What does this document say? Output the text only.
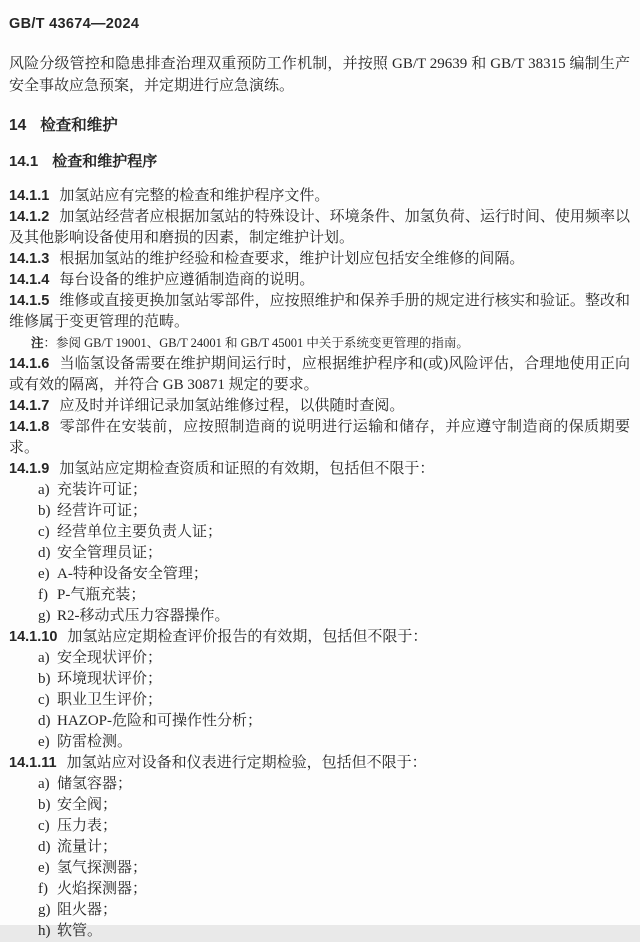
GB/T 43674—2024

风险分级管控和隐患排查治理双重预防工作机制，并按照 GB/T 29639 和 GB/T 38315 编制生产安全事故应急预案，并定期进行应急演练。

14 检查和维护
14.1 检查和维护程序

14.1.1 加氢站应有完整的检查和维护程序文件。

14.1.2 加氢站经营者应根据加氢站的特殊设计、环境条件、加氢负荷、运行时间、使用频率以及其他影响设备使用和磨损的因素，制定维护计划。

14.1.3 根据加氢站的维护经验和检查要求，维护计划应包括安全维修的间隔。

14.1.4 每台设备的维护应遵循制造商的说明。

14.1.5 维修或直接更换加氢站零部件，应按照维护和保养手册的规定进行核实和验证。整改和维修属于变更管理的范畴。

注：参阅 GB/T 19001、GB/T 24001 和 GB/T 45001 中关于系统变更管理的指南。

14.1.6 当临氢设备需要在维护期间运行时，应根据维护程序和(或)风险评估，合理地使用正向或有效的隔离，并符合 GB 30871 规定的要求。

14.1.7 应及时并详细记录加氢站维修过程，以供随时查阅。

14.1.8 零部件在安装前，应按照制造商的说明进行运输和储存，并应遵守制造商的保质期要求。

14.1.9 加氢站应定期检查资质和证照的有效期，包括但不限于：

a) 充装许可证；
b) 经营许可证；
c) 经营单位主要负责人证；
d) 安全管理员证；
e) A-特种设备安全管理；
f) P-气瓶充装；
g) R2-移动式压力容器操作。

14.1.10 加氢站应定期检查评价报告的有效期，包括但不限于：

a) 安全现状评价；
b) 环境现状评价；
c) 职业卫生评价；
d) HAZOP-危险和可操作性分析；
e) 防雷检测。

14.1.11 加氢站应对设备和仪表进行定期检验，包括但不限于：

a) 储氢容器；
b) 安全阀；
c) 压力表；
d) 流量计；
e) 氢气探测器；
f) 火焰探测器；
g) 阻火器；
h) 软管。
